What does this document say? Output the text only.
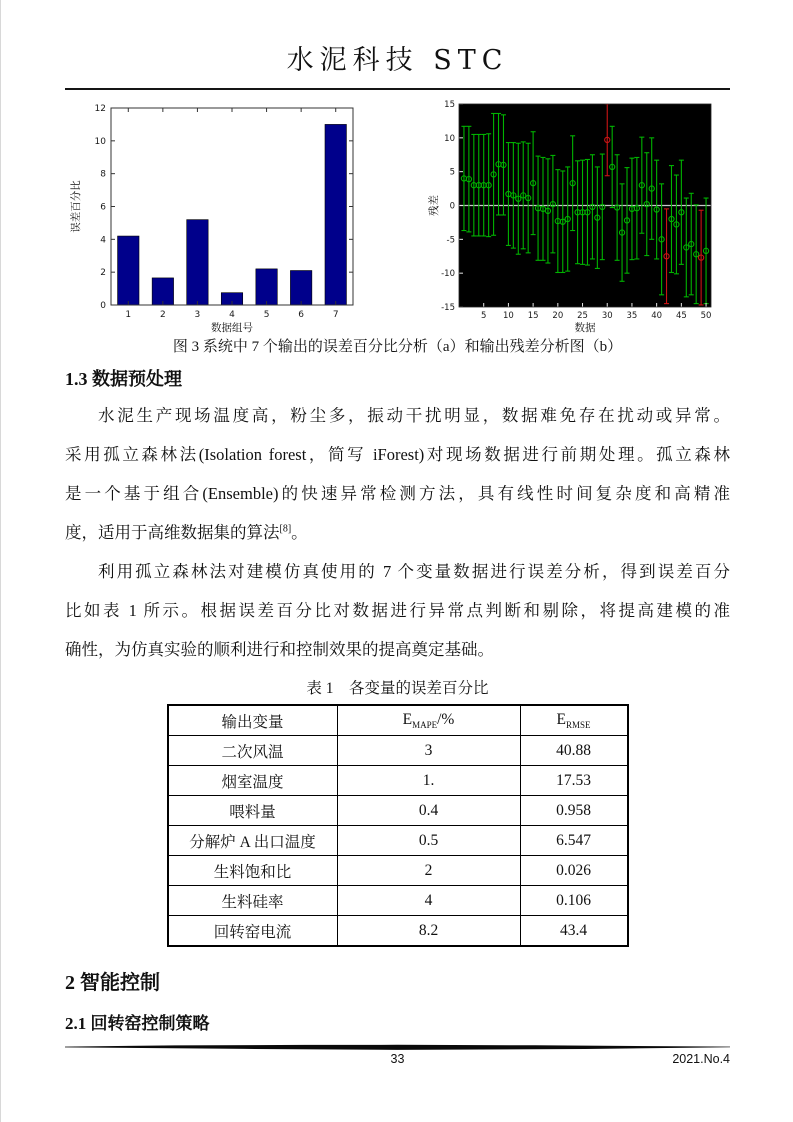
水泥科技 STC
0
2
4
6
8
10
12
1	2	3	4	5	6	7
数据组号
误差百分比
-15
-10
-5
0
5
10
15
5 10 15 20 25 30 35 40 45 50
数据
残差
图 3 系统中 7 个输出的误差百分比分析（a）和输出残差分析图（b）
1.3 数据预处理
水泥生产现场温度高，粉尘多，振动干扰明显，数据难免存在扰动或异常。
采用孤立森林法(Isolation forest，简写 iForest)对现场数据进行前期处理。孤立森林
是一个基于组合(Ensemble)的快速异常检测方法，具有线性时间复杂度和高精准
度，适用于高维数据集的算法[8]。
利用孤立森林法对建模仿真使用的 7 个变量数据进行误差分析，得到误差百分
比如表 1 所示。根据误差百分比对数据进行异常点判断和剔除，将提高建模的准
确性，为仿真实验的顺利进行和控制效果的提高奠定基础。
表 1　各变量的误差百分比
输出变量	$E_{MAPE}/\%$	$E_{RMSE}$
二次风温	3	40.88
烟室温度	1.	17.53
喂料量	0.4	0.958
分解炉 A 出口温度	0.5	6.547
生料饱和比	2	0.026
生料硅率	4	0.106
回转窑电流	8.2	43.4
2 智能控制
2.1 回转窑控制策略
33	2021.No.4
